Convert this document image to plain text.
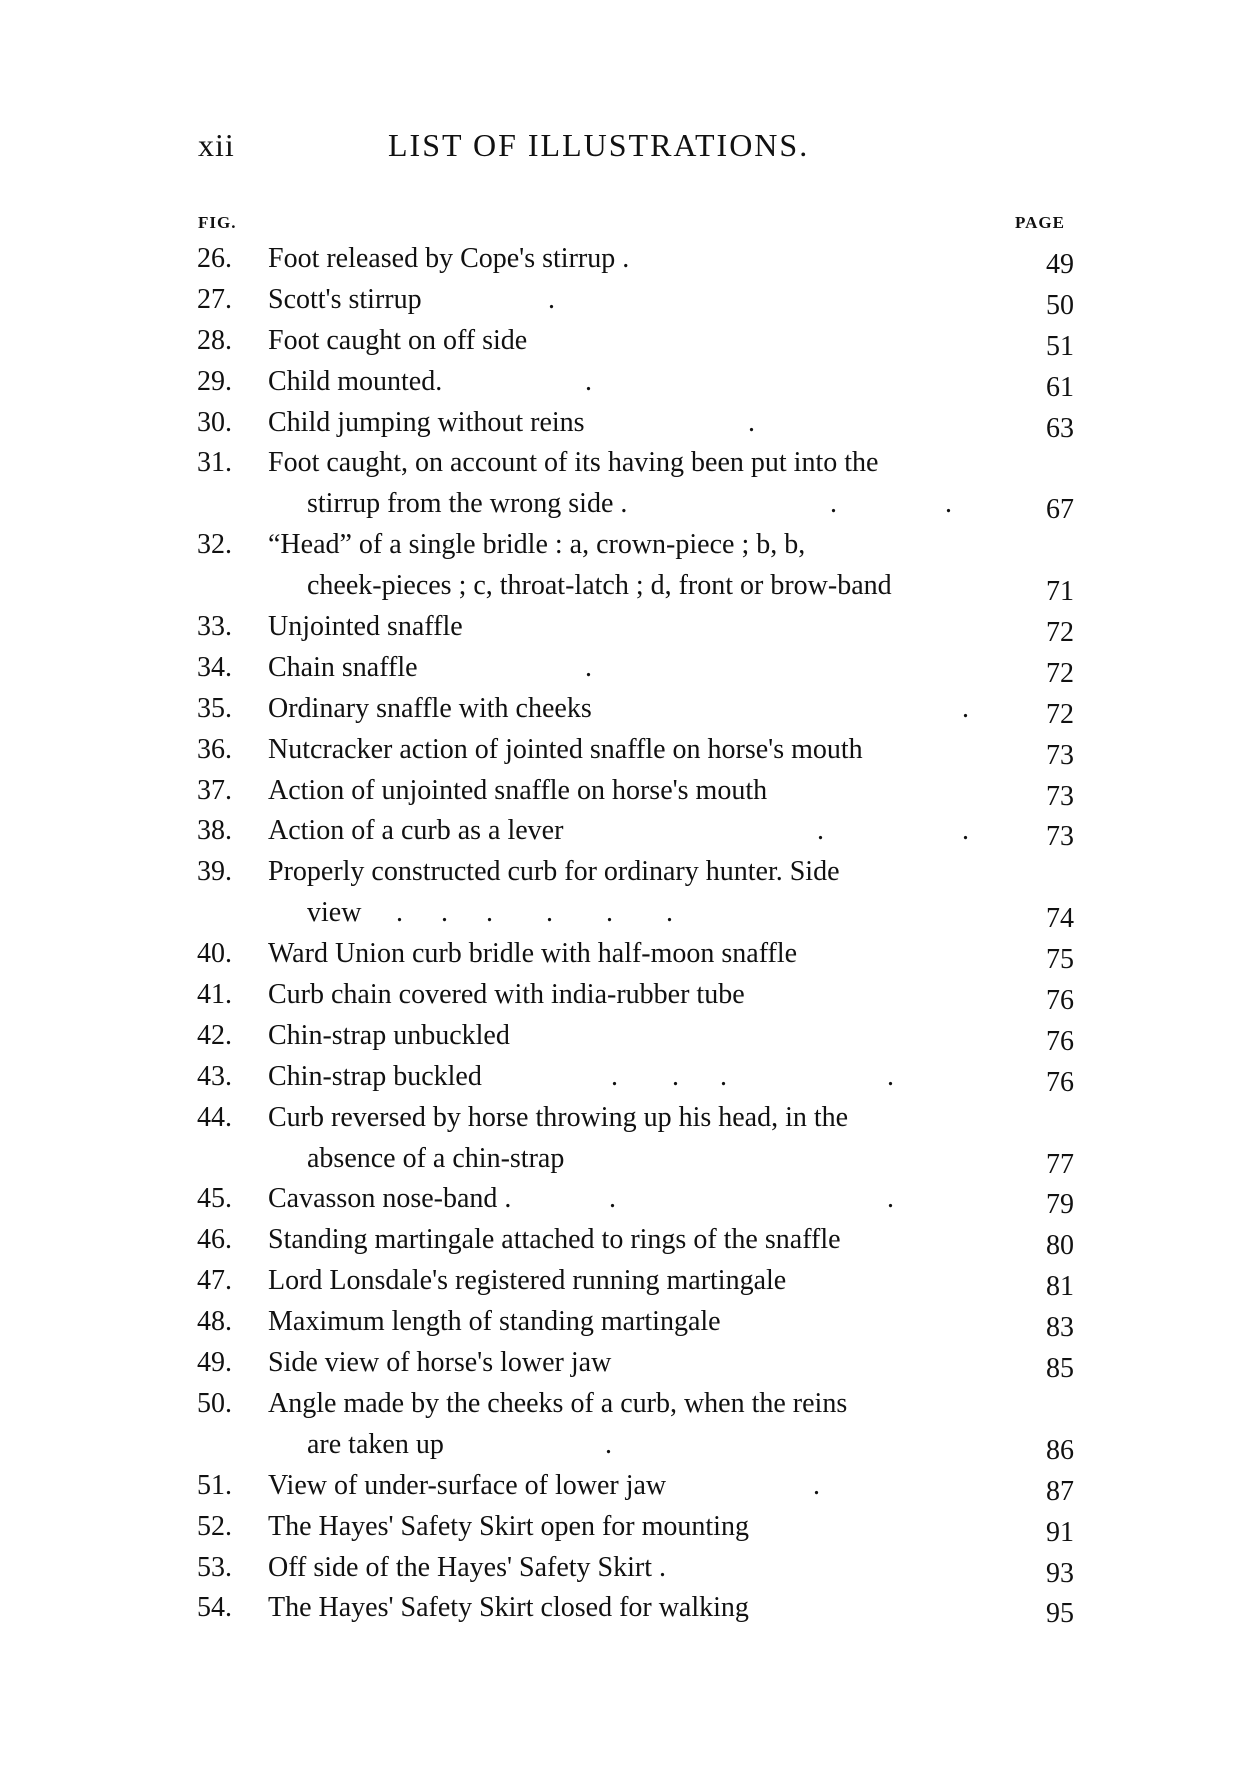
xii	LIST OF ILLUSTRATIONS.
FIG.	PAGE
26. Foot released by Cope's stirrup .	49
27. Scott's stirrup	.	50
28. Foot caught on off side	51
29. Child mounted.	.	61
30. Child jumping without reins	.	63
31. Foot caught, on account of its having been put into the
stirrup from the wrong side .	.	.	67
32. “Head” of a single bridle : a, crown-piece ; b, b,
cheek-pieces ; c, throat-latch ; d, front or brow-band	71
33. Unjointed snaffle	72
34. Chain snaffle	.	72
35. Ordinary snaffle with cheeks	.	72
36. Nutcracker action of jointed snaffle on horse's mouth	73
37. Action of unjointed snaffle on horse's mouth	73
38. Action of a curb as a lever	.	.	73
39. Properly constructed curb for ordinary hunter. Side
view . . . . . .	74
40. Ward Union curb bridle with half-moon snaffle	75
41. Curb chain covered with india-rubber tube	76
42. Chin-strap unbuckled	76
43. Chin-strap buckled	. . .	.	76
44. Curb reversed by horse throwing up his head, in the
absence of a chin-strap	77
45. Cavasson nose-band .	.	.	79
46. Standing martingale attached to rings of the snaffle	80
47. Lord Lonsdale's registered running martingale	81
48. Maximum length of standing martingale	83
49. Side view of horse's lower jaw	85
50. Angle made by the cheeks of a curb, when the reins
are taken up	.	86
51. View of under-surface of lower jaw	.	87
52. The Hayes' Safety Skirt open for mounting	91
53. Off side of the Hayes' Safety Skirt .	93
54. The Hayes' Safety Skirt closed for walking	95
